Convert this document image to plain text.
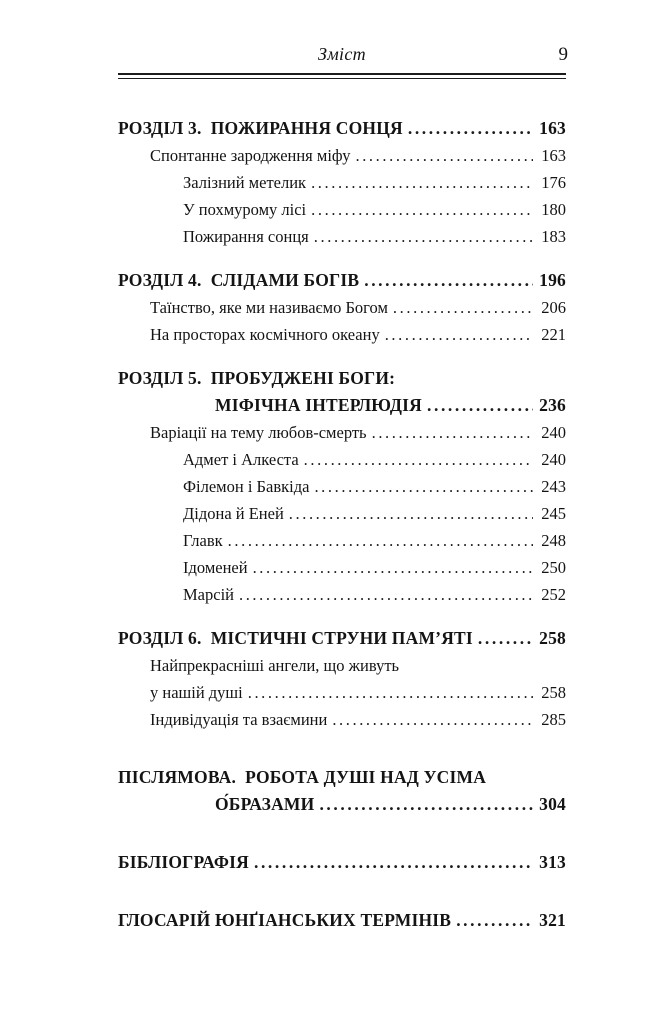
Зміст	9
РОЗДІЛ 3.  ПОЖИРАННЯ СОНЦЯ .....	163
Спонтанне зародження міфу .....	163
Залізний метелик .....	176
У похмурому лісі .....	180
Пожирання сонця .....	183
РОЗДІЛ 4.  СЛІДАМИ БОГІВ .....	196
Таїнство, яке ми називаємо Богом .....	206
На просторах космічного океану .....	221
РОЗДІЛ 5.  ПРОБУДЖЕНІ БОГИ:
МІФІЧНА ІНТЕРЛЮДІЯ .....	236
Варіації на тему любов-смерть .....	240
Адмет і Алкеста .....	240
Філемон і Бавкіда .....	243
Дідона й Еней .....	245
Главк .....	248
Ідоменей .....	250
Марсій .....	252
РОЗДІЛ 6.  МІСТИЧНІ СТРУНИ ПАМ’ЯТІ .....	258
Найпрекрасніші ангели, що живуть
у нашій душі .....	258
Індивідуація та взаємини .....	285
ПІСЛЯМОВА.  РОБОТА ДУШІ НАД УСІМА
О́БРАЗАМИ .....	304
БІБЛІОГРАФІЯ .....	313
ГЛОСАРІЙ ЮНҐІАНСЬКИХ ТЕРМІНІВ .....	321
